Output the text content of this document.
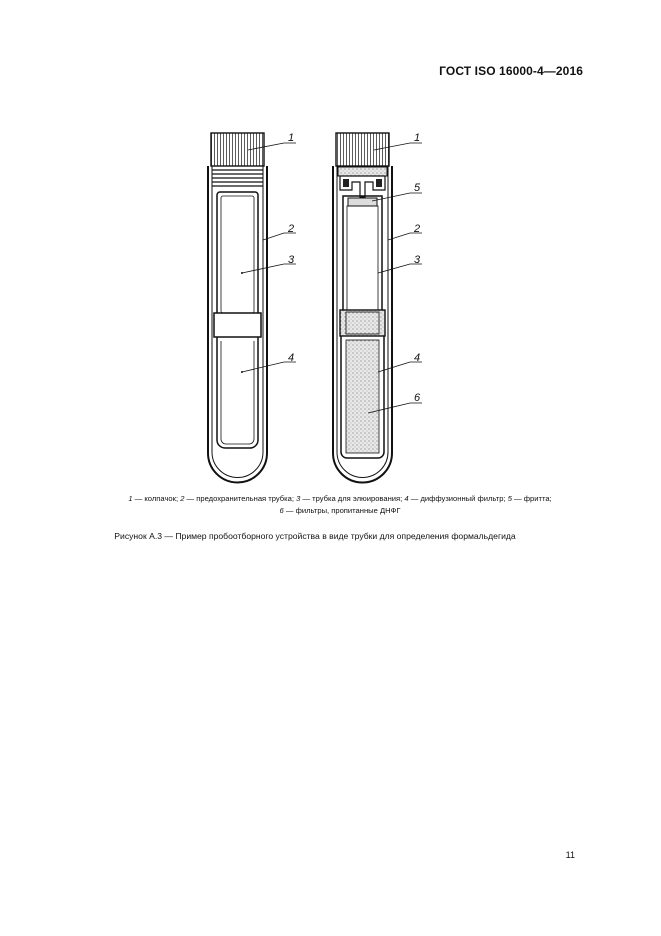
ГОСТ ISO 16000-4—2016
1
2
3
4
1
5
2
3
4
6
1 — колпачок; 2 — предохранительная трубка; 3 — трубка для элюирования; 4 — диффузионный фильтр; 5 — фритта;
6 — фильтры, пропитанные ДНФГ
Рисунок А.3 — Пример пробоотборного устройства в виде трубки для определения формальдегида
11
